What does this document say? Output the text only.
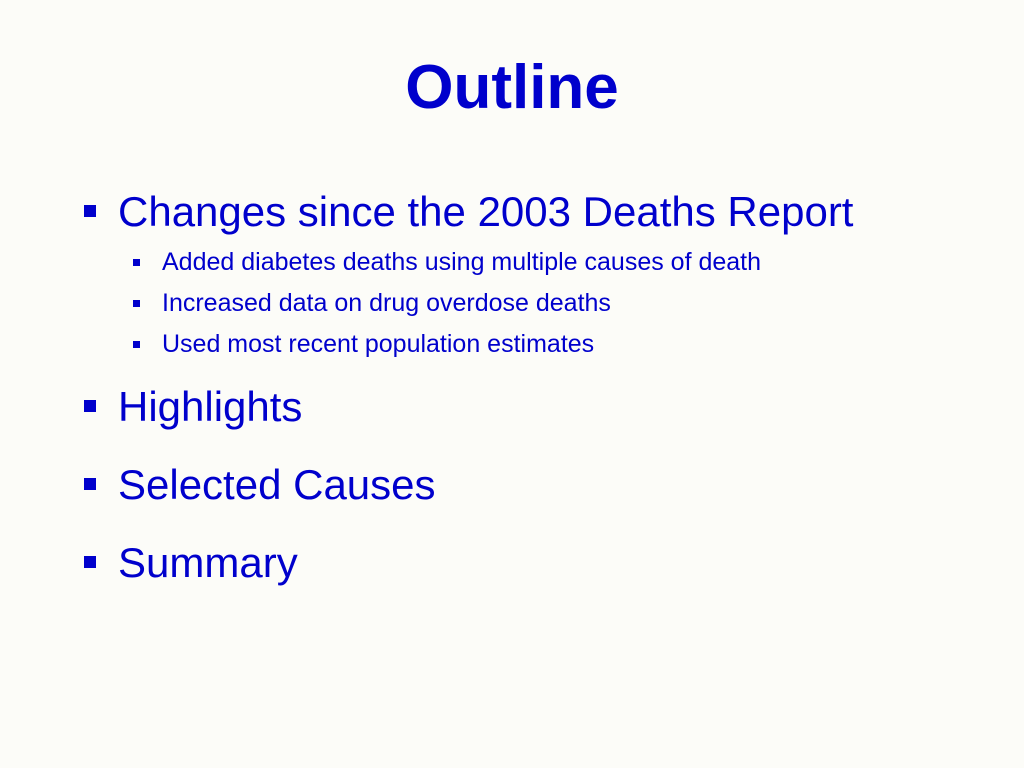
Outline
Changes since the 2003 Deaths Report
Added diabetes deaths using multiple causes of death
Increased data on drug overdose deaths
Used most recent population estimates
Highlights
Selected Causes
Summary
